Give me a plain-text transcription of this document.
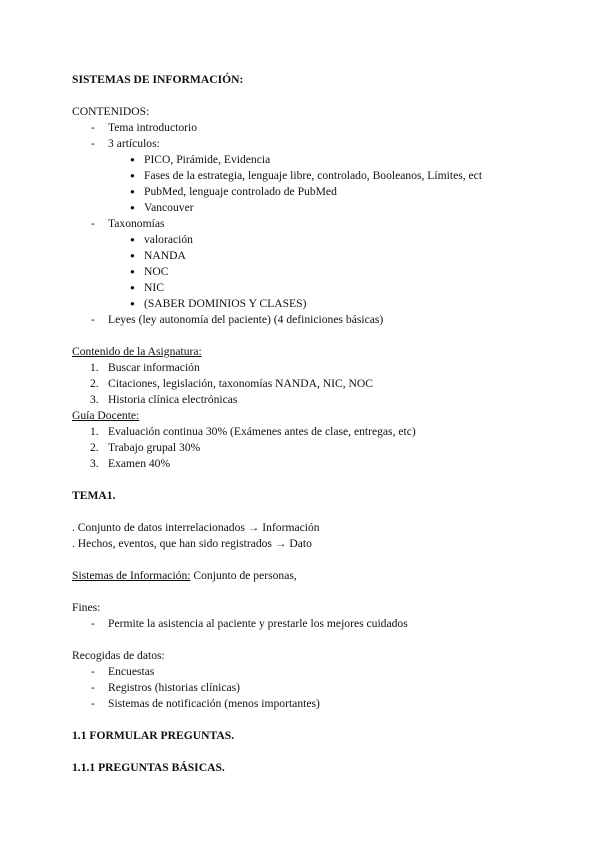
SISTEMAS DE INFORMACIÓN:
CONTENIDOS:
- Tema introductorio
- 3 artículos:
● PICO, Pirámide, Evidencia
● Fases de la estrategia, lenguaje libre, controlado, Booleanos, Límites, ect
● PubMed, lenguaje controlado de PubMed
● Vancouver
- Taxonomías
● valoración
● NANDA
● NOC
● NIC
● (SABER DOMINIOS Y CLASES)
- Leyes (ley autonomía del paciente) (4 definiciones básicas)
Contenido de la Asignatura:
1. Buscar información
2. Citaciones, legislación, taxonomías NANDA, NIC, NOC
3. Historia clínica electrónicas
Guía Docente:
1. Evaluación continua 30% (Exámenes antes de clase, entregas, etc)
2. Trabajo grupal 30%
3. Examen 40%
TEMA1.
. Conjunto de datos interrelacionados → Información
. Hechos, eventos, que han sido registrados → Dato
Sistemas de Información: Conjunto de personas,
Fines:
- Permite la asistencia al paciente y prestarle los mejores cuidados
Recogidas de datos:
- Encuestas
- Registros (historias clínicas)
- Sistemas de notificación (menos importantes)
1.1 FORMULAR PREGUNTAS.
1.1.1 PREGUNTAS BÁSICAS.
